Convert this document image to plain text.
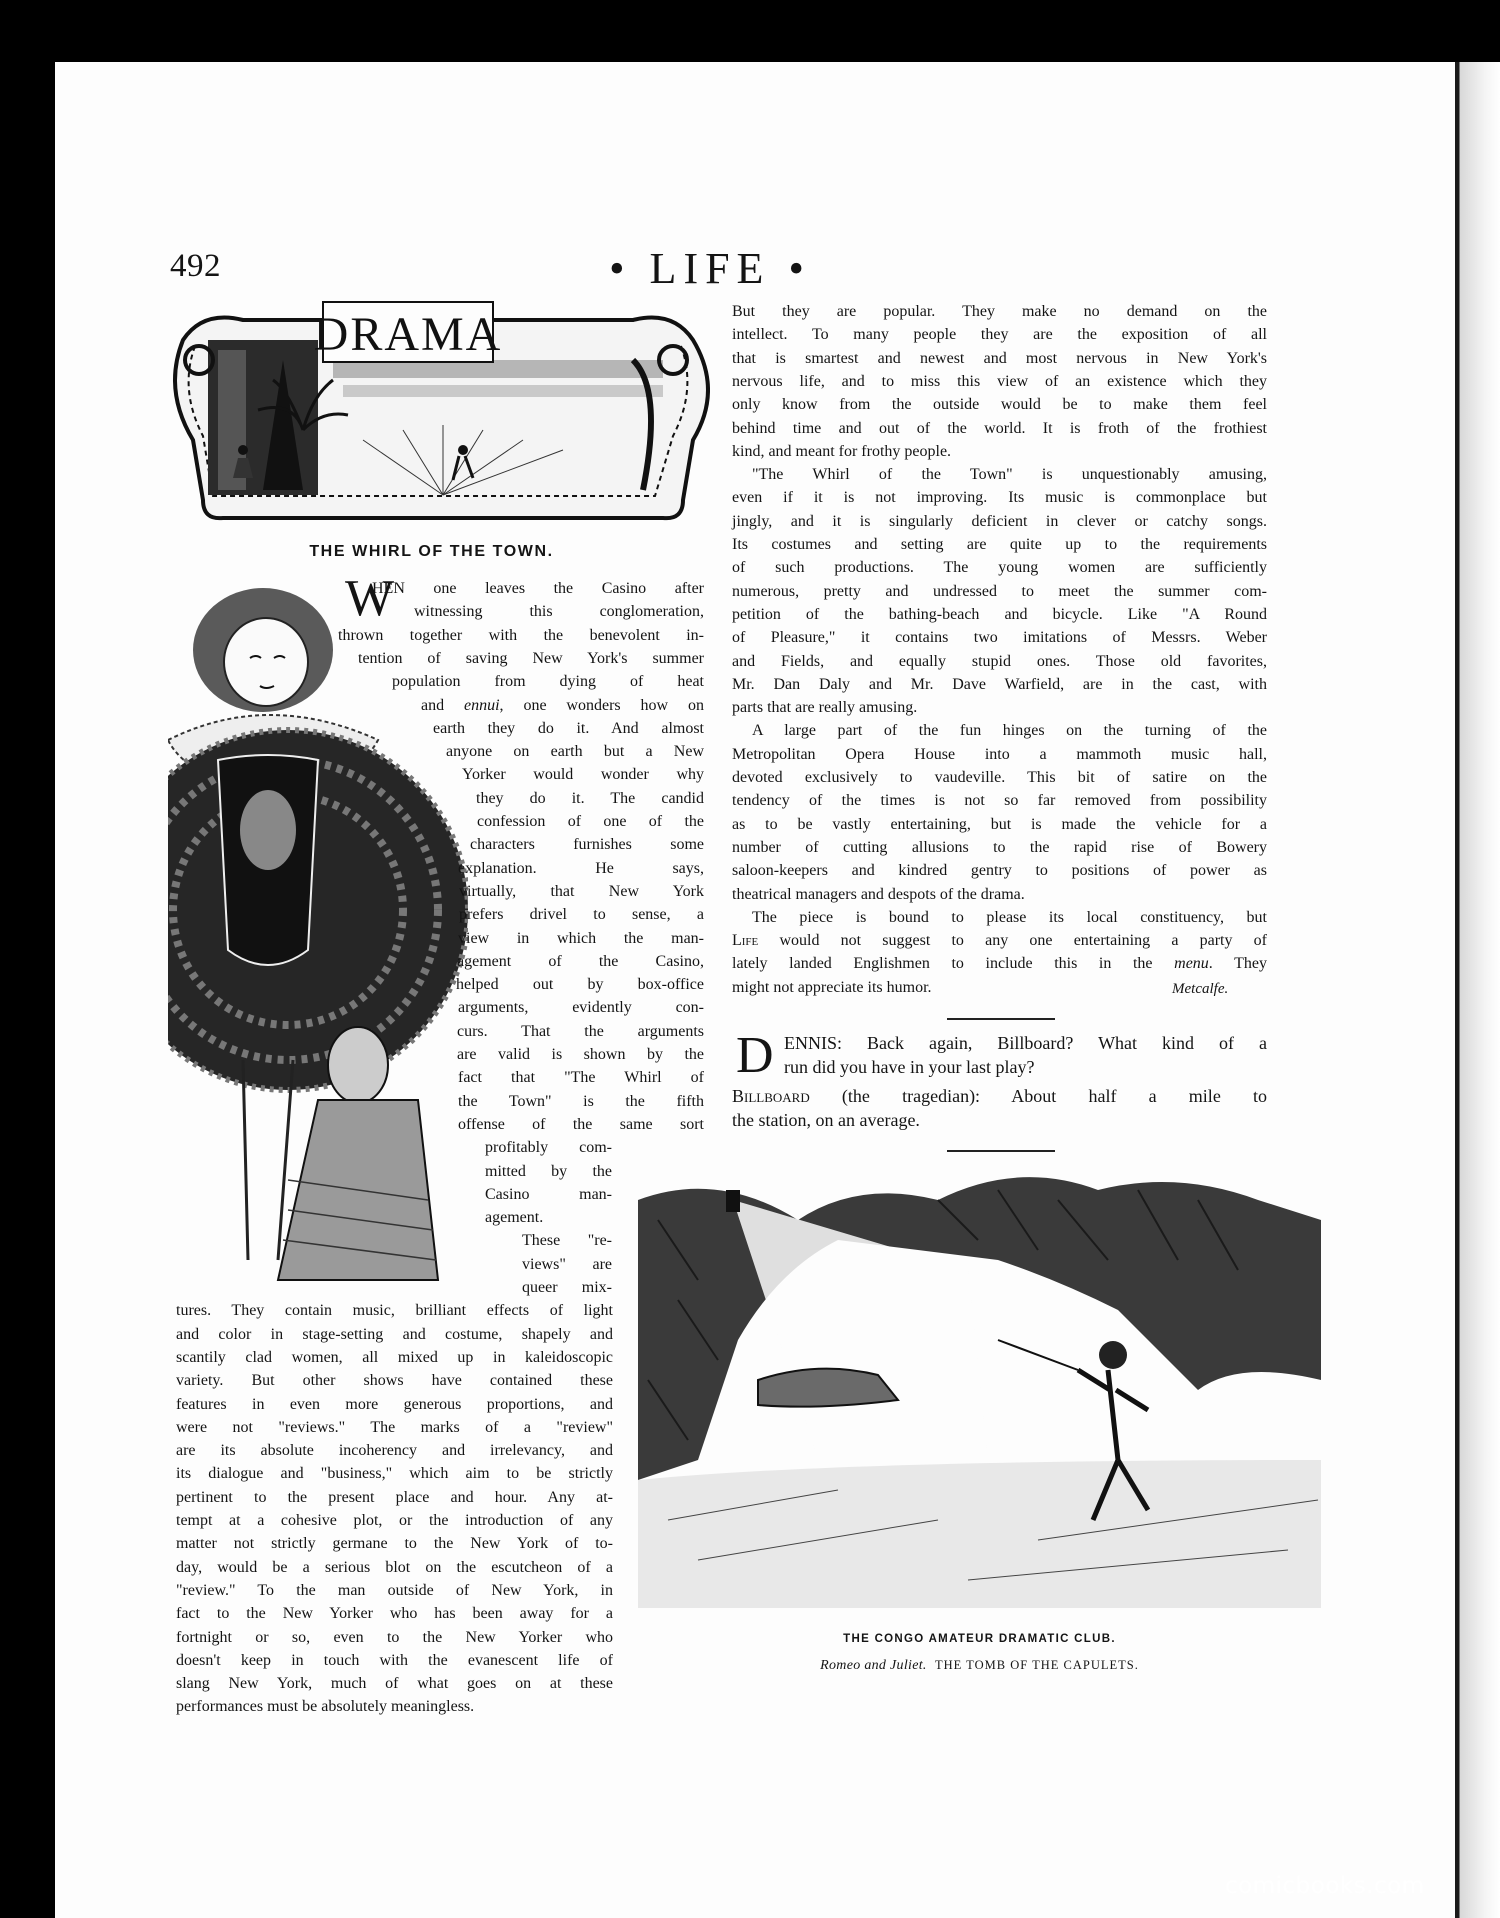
492	• LIFE •
DRAMA
THE WHIRL OF THE TOWN.
W
HEN one leaves the Casino after
witnessing this conglomeration,
thrown together with the benevolent in-
tention of saving New York's summer
population from dying of heat
and ennui, one wonders how on
earth they do it. And almost
anyone on earth but a New
Yorker would wonder why
they do it. The candid
confession of one of the
characters furnishes some
explanation. He says,
virtually, that New York
prefers drivel to sense, a
view in which the man-
agement of the Casino,
helped out by box-office
arguments, evidently con-
curs. That the arguments
are valid is shown by the
fact that "The Whirl of
the Town" is the fifth
offense of the same sort
profitably com-
mitted by the
Casino man-
agement.
These "re-
views" are
queer mix-
tures. They contain music, brilliant effects of light
and color in stage-setting and costume, shapely and
scantily clad women, all mixed up in kaleidoscopic
variety. But other shows have contained these
features in even more generous proportions, and
were not "reviews." The marks of a "review"
are its absolute incoherency and irrelevancy, and
its dialogue and "business," which aim to be strictly
pertinent to the present place and hour. Any at-
tempt at a cohesive plot, or the introduction of any
matter not strictly germane to the New York of to-
day, would be a serious blot on the escutcheon of a
"review." To the man outside of New York, in
fact to the New Yorker who has been away for a
fortnight or so, even to the New Yorker who
doesn't keep in touch with the evanescent life of
slang New York, much of what goes on at these
performances must be absolutely meaningless.
But they are popular. They make no demand on the
intellect. To many people they are the exposition of all
that is smartest and newest and most nervous in New York's
nervous life, and to miss this view of an existence which they
only know from the outside would be to make them feel
behind time and out of the world. It is froth of the frothiest
kind, and meant for frothy people.
"The Whirl of the Town" is unquestionably amusing,
even if it is not improving. Its music is commonplace but
jingly, and it is singularly deficient in clever or catchy songs.
Its costumes and setting are quite up to the requirements
of such productions. The young women are sufficiently
numerous, pretty and undressed to meet the summer com-
petition of the bathing-beach and bicycle. Like "A Round
of Pleasure," it contains two imitations of Messrs. Weber
and Fields, and equally stupid ones. Those old favorites,
Mr. Dan Daly and Mr. Dave Warfield, are in the cast, with
parts that are really amusing.
A large part of the fun hinges on the turning of the
Metropolitan Opera House into a mammoth music hall,
devoted exclusively to vaudeville. This bit of satire on the
tendency of the times is not so far removed from possibility
as to be vastly entertaining, but is made the vehicle for a
number of cutting allusions to the rapid rise of Bowery
saloon-keepers and kindred gentry to positions of power as
theatrical managers and despots of the drama.
The piece is bound to please its local constituency, but
Life would not suggest to any one entertaining a party of
lately landed Englishmen to include this in the menu. They
might not appreciate its humor.	Metcalfe.
D ENNIS: Back again, Billboard? What kind of a
run did you have in your last play?
Billboard (the tragedian): About half a mile to
the station, on an average.
THE CONGO AMATEUR DRAMATIC CLUB.
Romeo and Juliet. THE TOMB OF THE CAPULETS.
comicbooks.com
